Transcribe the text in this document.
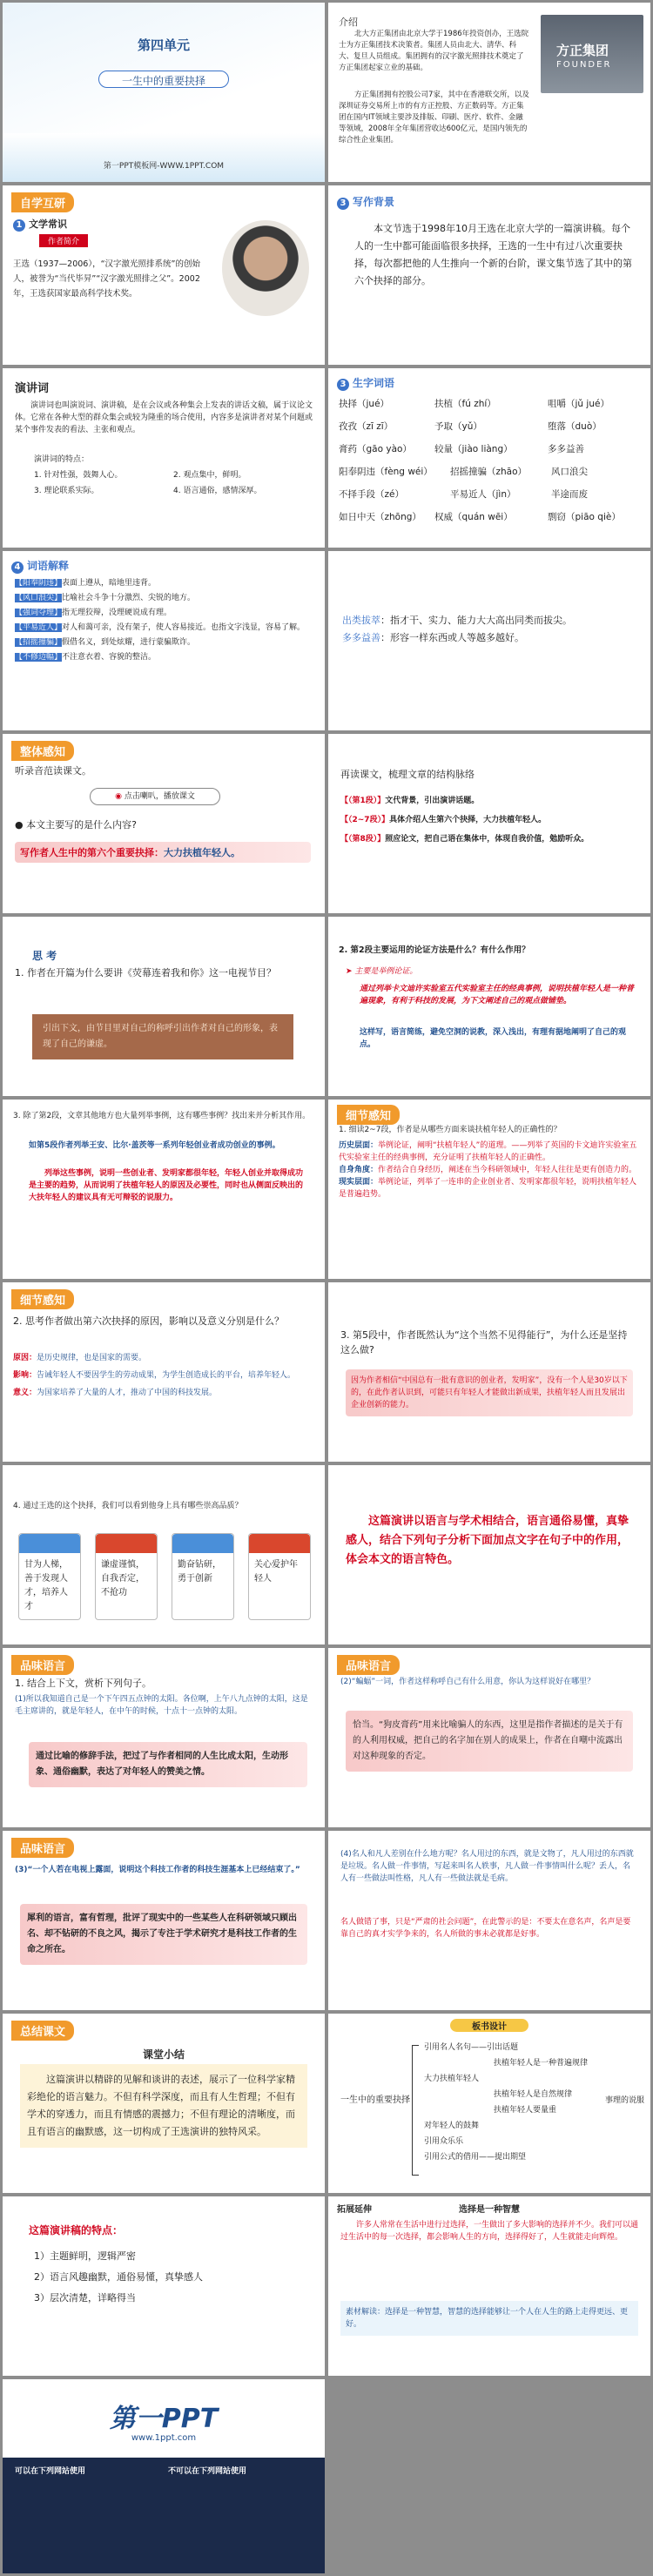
第四单元
一生中的重要抉择
第一PPT模板网-WWW.1PPT.COM
介绍
北大方正集团由北京大学于1986年投资创办，王选院士为方正集团技术决策者。集团人员由北大、清华、科大、复旦人员组成。集团拥有的汉字激光照排技术奠定了方正集团起家立业的基础。
方正集团拥有控股公司7家，其中在香港联交所，以及深圳证券交易所上市的有方正控股、方正数码等。方正集团在国内IT领域主要涉及排版、印刷、医疗、软件、金融等领域，2008年全年集团营收达600亿元，是国内领先的综合性企业集团。
方正集团
FOUNDER
自学互研
1 文学常识
作者简介
王选（1937—2006），“汉字激光照排系统”的创始人，被誉为“当代毕昇”“汉字激光照排之父”。2002年，王选获国家最高科学技术奖。
3 写作背景
本文节选于1998年10月王选在北京大学的一篇演讲稿。每个人的一生中都可能面临很多抉择，王选的一生中有过八次重要抉择，每次都把他的人生推向一个新的台阶，课文集节选了其中的第六个抉择的部分。
演讲词
演讲词也叫演说词、演讲稿，是在会议或各种集会上发表的讲话文稿，属于议论文体。它常在各种大型的群众集会或较为隆重的场合使用，内容多是演讲者对某个问题或某个事件发表的看法、主张和观点。
演讲词的特点：
1. 针对性强，鼓舞人心。	2. 观点集中，鲜明。
3. 理论联系实际。	4. 语言通俗，感情深厚。
3 生字词语
抉择（jué）	扶植（fú zhí）	咀嚼（jǔ jué）
孜孜（zī zī）	予取（yǔ）	堕落（duò）
膏药（gāo yào）	较量（jiào liàng）	多多益善
阳奉阴违（fèng wéi）	招摇撞骗（zhāo）	风口浪尖
不择手段（zé）	平易近人（jìn）	半途而废
如日中天（zhōng）	权威（quán wēi）	剽窃（piāo qiè）
4 词语解释
【阳奉阴违】表面上遵从，暗地里违背。
【风口浪尖】比喻社会斗争十分激烈、尖锐的地方。
【强词夺理】指无理狡辩，没理硬说成有理。
【平易近人】对人和蔼可亲，没有架子，使人容易接近。也指文字浅显，容易了解。
【招摇撞骗】假借名义，到处炫耀，进行蒙骗欺诈。
【不修边幅】不注意衣着、容貌的整洁。
出类拔萃：指才干、实力、能力大大高出同类而拔尖。
多多益善：形容一样东西或人等越多越好。
整体感知
听录音范读课文。
◉ 点击喇叭，播放课文
● 本文主要写的是什么内容?
写作者人生中的第六个重要抉择：大力扶植年轻人。
再读课文，梳理文章的结构脉络
【（第1段）】文代背景，引出演讲话题。
【（2~7段）】具体介绍人生第六个抉择，大力扶植年轻人。
【（第8段）】照应论文，把自己语在集体中，体现自我价值，勉励听众。
思 考
1. 作者在开篇为什么要讲《荧幕连着我和你》这一电视节目？
引出下文，由节目里对自己的称呼引出作者对自己的形象，表现了自己的谦虚。
2. 第2段主要运用的论证方法是什么？有什么作用？
➤ 主要是举例论证。
通过列举卡文迪许实验室五代实验室主任的经典事例，说明扶植年轻人是一种普遍现象，有利于科技的发展，为下文阐述自己的观点做铺垫。
这样写，语言简练，避免空洞的说教，深入浅出，有理有据地阐明了自己的观点。
3. 除了第2段，文章其他地方也大量列举事例，这有哪些事例？找出来并分析其作用。
如第5段作者列举王安、比尔·盖茨等一系列年轻创业者成功创业的事例。
列举这些事例，说明一些创业者、发明家都很年轻，年轻人创业并取得成功是主要的趋势，从而说明了扶植年轻人的原因及必要性，同时也从侧面反映出的大扶年轻人的建议具有无可辩驳的说服力。
细节感知
1. 细读2~7段，作者是从哪些方面来谈扶植年轻人的正确性的？
历史层面：举例论证，阐明“扶植年轻人”的道理。——列举了英国的卡文迪许实验室五代实验室主任的经典事例，充分证明了扶植年轻人的正确性。
自身角度：作者结合自身经历，阐述在当今科研领域中，年轻人往往是更有创造力的。
现实层面：举例论证，列举了一连串的企业创业者、发明家都很年轻，说明扶植年轻人是普遍趋势。
细节感知
2. 思考作者做出第六次抉择的原因，影响以及意义分别是什么？
原因：是历史规律，也是国家的需要。
影响：告诫年轻人不要因学生的劳动成果，为学生创造成长的平台，培养年轻人。
意义：为国家培养了大量的人才，推动了中国的科技发展。
3. 第5段中，作者既然认为“这个当然不见得能行”，为什么还是坚持这么做?
因为作者相信“中国总有一批有意识的创业者，发明家”，没有一个人是30岁以下的，在此作者认识到，可能只有年轻人才能做出新成果，扶植年轻人而且发展出企业创新的能力。
4. 通过王选的这个抉择，我们可以看到他身上具有哪些崇高品质？
甘为人梯，善于发现人才，培养人才
谦虚谨慎，自我否定，不抢功
勤奋钻研，勇于创新
关心爱护年轻人
这篇演讲以语言与学术相结合，语言通俗易懂，真挚感人，结合下列句子分析下面加点文字在句子中的作用，体会本文的语言特色。
品味语言
1. 结合上下文，赏析下列句子。
(1)所以我知道自己是一个下午四五点钟的太阳。各位啊，上午八九点钟的太阳，这是毛主席讲的，就是年轻人，在中午的时候，十点十一点钟的太阳。
通过比喻的修辞手法，把过了与作者相同的人生比成太阳，生动形象、通俗幽默，表达了对年轻人的赞美之情。
品味语言
(2)“蝙蝠”一词，作者这样称呼自己有什么用意，你认为这样说好在哪里？
恰当。“狗皮膏药”用来比喻骗人的东西，这里是指作者描述的是关于有的人利用权威，把自己的名字加在别人的成果上，作者在自嘲中流露出对这种现象的否定。
品味语言
(3)“一个人若在电视上露面，说明这个科技工作者的科技生涯基本上已经结束了。”
犀利的语言，富有哲理，批评了现实中的一些某些人在科研领域只顾出名、却不钻研的不良之风，揭示了专注于学术研究才是科技工作者的生命之所在。
(4)名人和凡人差别在什么地方呢？名人用过的东西，就是文物了，凡人用过的东西就是垃圾。名人做一件事情，写起来叫名人轶事，凡人做一件事情叫什么呢？丢人，名人有一些做法叫性格，凡人有一些做法就是毛病。
名人做错了事，只是“严肃的社会问题”，在此警示的是：不要太在意名声，名声是要靠自己的真才实学争来的，名人所做的事未必就都是好事。
总结课文
课堂小结
这篇演讲以精辟的见解和谈讲的表述，展示了一位科学家精彩绝伦的语言魅力。不但有科学深度，而且有人生哲理；不但有学术的穿透力，而且有情感的震撼力；不但有理论的清晰度，而且有语言的幽默感，这一切构成了王选演讲的独特风采。
板书设计
一生中的重要抉择
引用名人名句——引出话题
扶植年轻人是一种普遍规律
大力扶植年轻人
扶植年轻人是自然规律
扶植年轻人要量重
对年轻人的鼓舞
引用众乐乐
引用公式的借用——提出期望
事理的说服
这篇演讲稿的特点：
1）主题鲜明，逻辑严密
2）语言风趣幽默，通俗易懂，真挚感人
3）层次清楚，详略得当
拓展延伸	选择是一种智慧
许多人常常在生活中进行过选择，一生做出了多大影响的选择并不少。我们可以通过生活中的每一次选择，都会影响人生的方向，选择得好了，人生就能走向辉煌。
素材解读：选择是一种智慧，智慧的选择能够让一个人在人生的路上走得更远、更好。
第一PPT
www.1ppt.com
可以在下列网站使用	不可以在下列网站使用
